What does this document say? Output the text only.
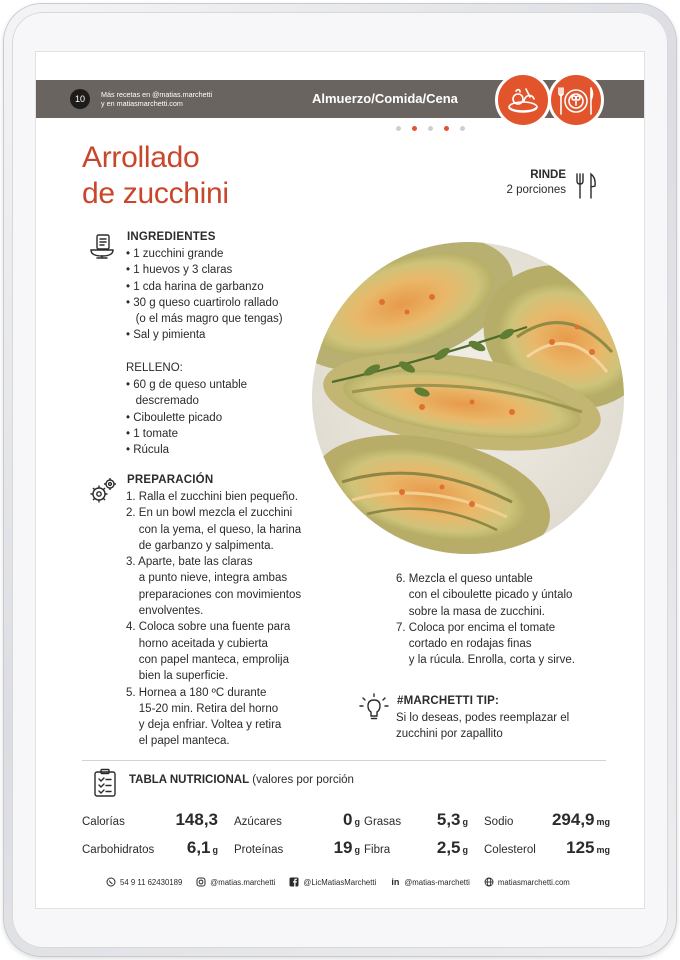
10	Más recetas en @matias.marchetti
y en matiasmarchetti.com	Almuerzo/Comida/Cena
Arrollado
de zucchini
RINDE
2 porciones
INGREDIENTES
• 1 zucchini grande
• 1 huevos y 3 claras
• 1 cda harina de garbanzo
• 30 g queso cuartirolo rallado
(o el más magro que tengas)
• Sal y pimienta
RELLENO:
• 60 g de queso untable
descremado
• Ciboulette picado
• 1 tomate
• Rúcula
PREPARACIÓN
1. Ralla el zucchini bien pequeño.
2. En un bowl mezcla el zucchini
con la yema, el queso, la harina
de garbanzo y salpimenta.
3. Aparte, bate las claras
a punto nieve, integra ambas
preparaciones con movimientos
envolventes.
4. Coloca sobre una fuente para
horno aceitada y cubierta
con papel manteca, emprolija
bien la superficie.
5. Hornea a 180 ºC durante
15-20 min. Retira del horno
y deja enfriar. Voltea y retira
el papel manteca.
6. Mezcla el queso untable
con el ciboulette picado y úntalo
sobre la masa de zucchini.
7. Coloca por encima el tomate
cortado en rodajas finas
y la rúcula. Enrolla, corta y sirve.
#MARCHETTI TIP:
Si lo deseas, podes reemplazar el
zucchini por zapallito
TABLA NUTRICIONAL (valores por porción
Calorías	148,3 Azúcares	0 g Grasas 5,3 g Sodio 294,9 mg
Carbohidratos 6,1 g Proteínas	19 g Fibra	2,5 g Colesterol 125 mg
54 9 11 62430189	@matias.marchetti	@LicMatiasMarchetti in @matias-marchetti	matiasmarchetti.com
